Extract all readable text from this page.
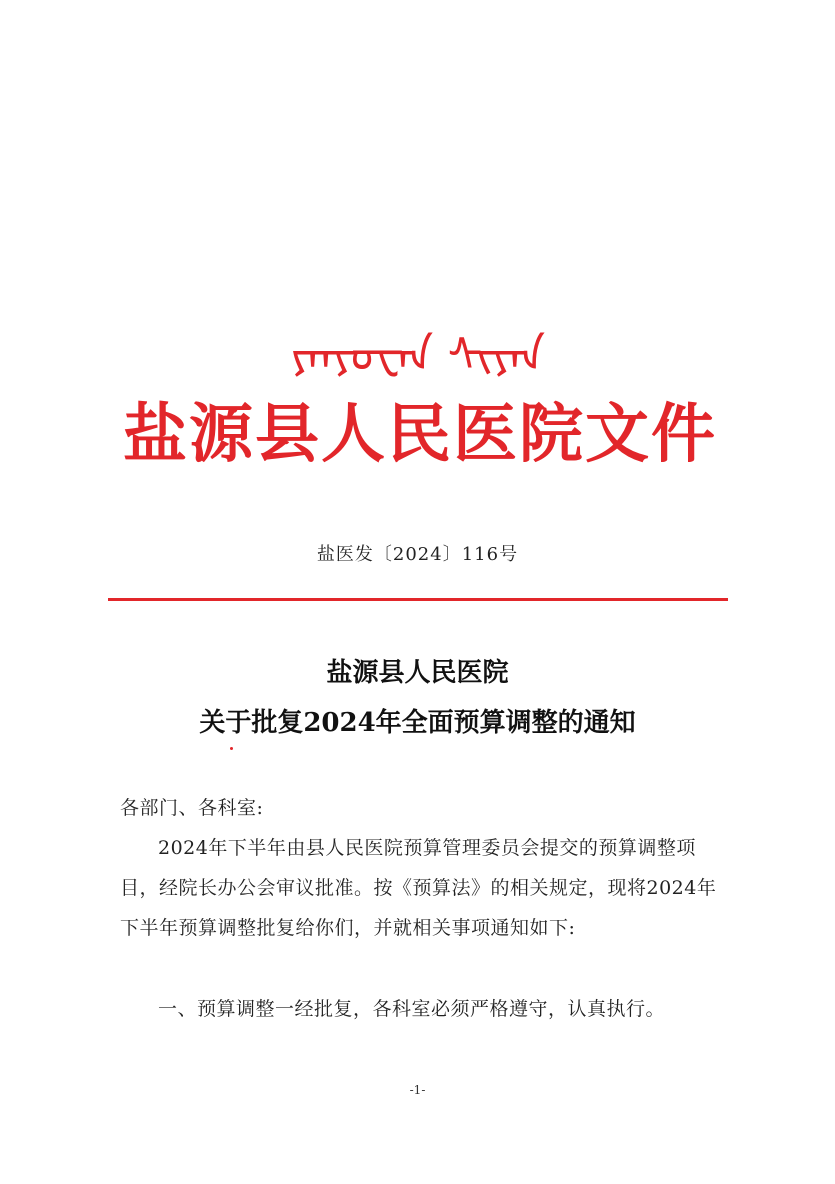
ᠶᠠᠨᠶᠤᠸᠠᠨ ᠰᠢᠶᠠᠨ
盐源县人民医院文件
盐医发〔2024〕116号
盐源县人民医院
关于批复2024年全面预算调整的通知
各部门、各科室:
2024年下半年由县人民医院预算管理委员会提交的预算调整项目，经院长办公会审议批准。按《预算法》的相关规定，现将2024年下半年预算调整批复给你们，并就相关事项通知如下:
一、预算调整一经批复，各科室必须严格遵守，认真执行。
-1-
